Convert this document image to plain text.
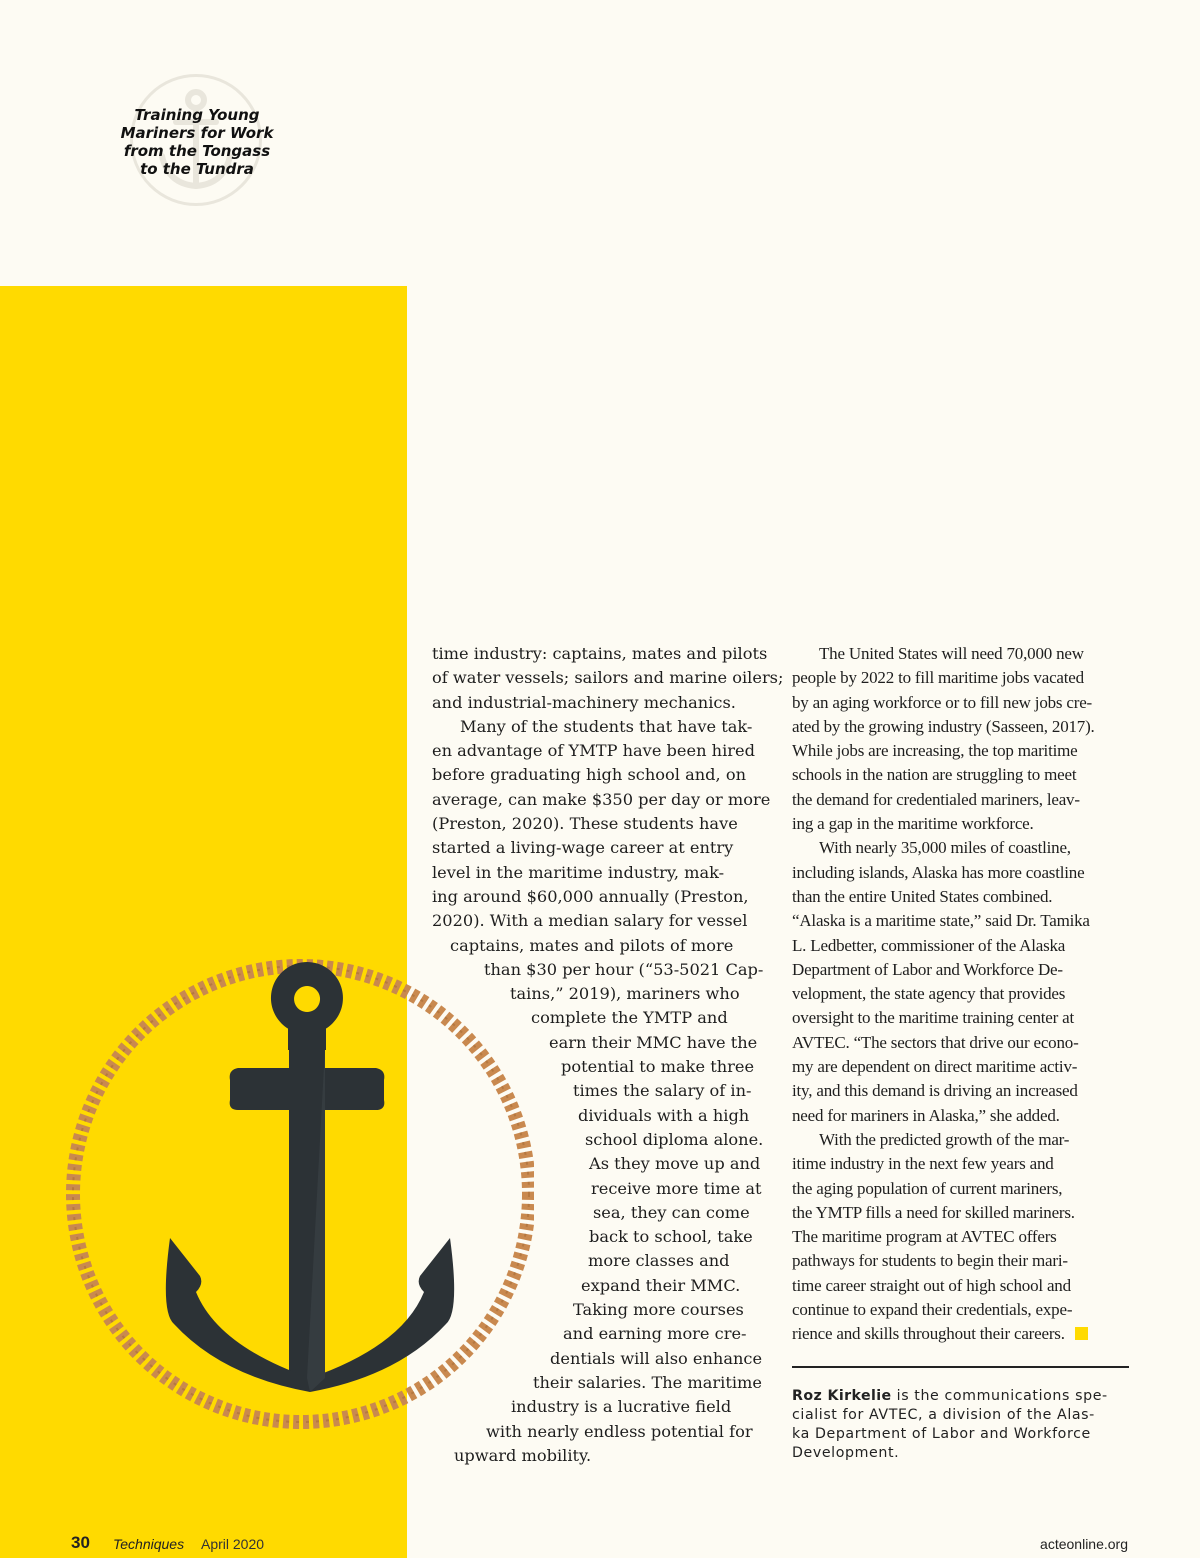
Training Young
Mariners for Work
from the Tongass
to the Tundra
time industry: captains, mates and pilots
of water vessels; sailors and marine oilers;
and industrial-machinery mechanics.
Many of the students that have tak-
en advantage of YMTP have been hired
before graduating high school and, on
average, can make $350 per day or more
(Preston, 2020). These students have
started a living-wage career at entry
level in the maritime industry, mak-
ing around $60,000 annually (Preston,
2020). With a median salary for vessel
captains, mates and pilots of more
than $30 per hour (“53-5021 Cap-
tains,” 2019), mariners who
complete the YMTP and
earn their MMC have the
potential to make three
times the salary of in-
dividuals with a high
school diploma alone.
As they move up and
receive more time at
sea, they can come
back to school, take
more classes and
expand their MMC.
Taking more courses
and earning more cre-
dentials will also enhance
their salaries. The maritime
industry is a lucrative field
with nearly endless potential for
upward mobility.
The United States will need 70,000 new
people by 2022 to fill maritime jobs vacated
by an aging workforce or to fill new jobs cre-
ated by the growing industry (Sasseen, 2017).
While jobs are increasing, the top maritime
schools in the nation are struggling to meet
the demand for credentialed mariners, leav-
ing a gap in the maritime workforce.
With nearly 35,000 miles of coastline,
including islands, Alaska has more coastline
than the entire United States combined.
“Alaska is a maritime state,” said Dr. Tamika
L. Ledbetter, commissioner of the Alaska
Department of Labor and Workforce De-
velopment, the state agency that provides
oversight to the maritime training center at
AVTEC. “The sectors that drive our econo-
my are dependent on direct maritime activ-
ity, and this demand is driving an increased
need for mariners in Alaska,” she added.
With the predicted growth of the mar-
itime industry in the next few years and
the aging population of current mariners,
the YMTP fills a need for skilled mariners.
The maritime program at AVTEC offers
pathways for students to begin their mari-
time career straight out of high school and
continue to expand their credentials, expe-
rience and skills throughout their careers.
Roz Kirkelie is the communications spe-
cialist for AVTEC, a division of the Alas-
ka Department of Labor and Workforce
Development.
30 Techniques April 2020	acteonline.org
